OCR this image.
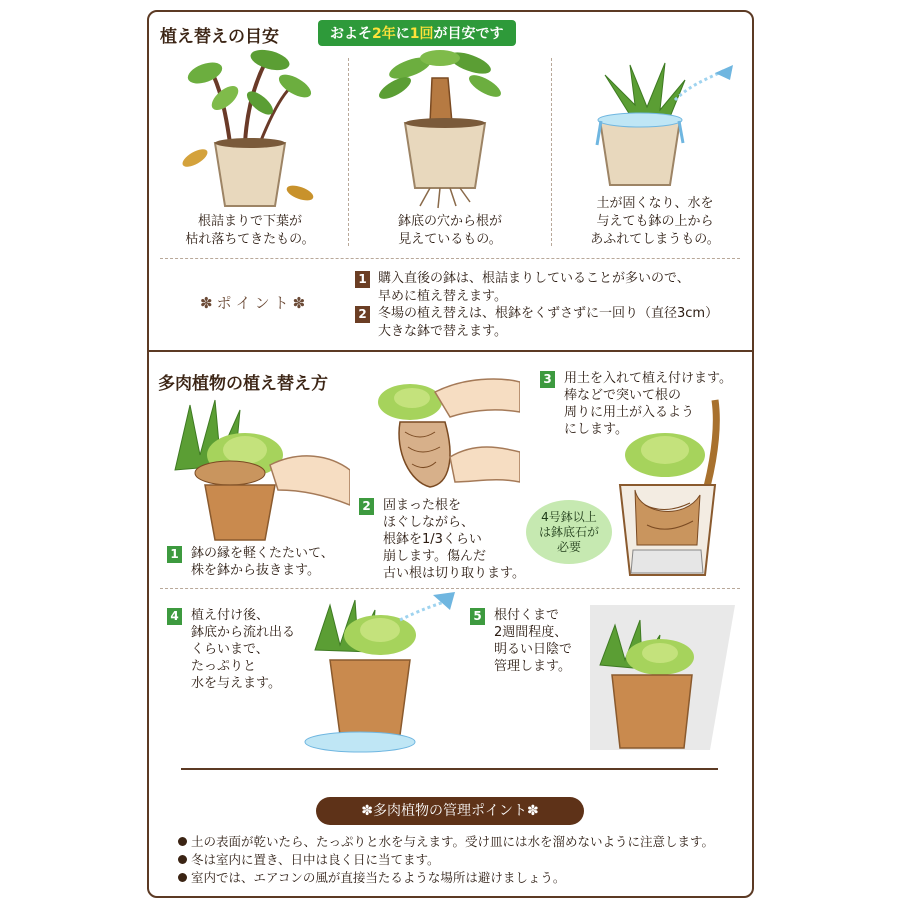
植え替えの目安	およそ2年に1回が目安です
根詰まりで下葉が
枯れ落ちてきたもの。
鉢底の穴から根が
見えているもの。
土が固くなり、水を
与えても鉢の上から
あふれてしまうもの。
✽ポイント✽
1 購入直後の鉢は、根詰まりしていることが多いので、
早めに植え替えます。
2 冬場の植え替えは、根鉢をくずさずに一回り（直径3cm）
大きな鉢で替えます。
多肉植物の植え替え方
1 鉢の縁を軽くたたいて、
株を鉢から抜きます。
2 固まった根を
ほぐしながら、
根鉢を1/3くらい
崩します。傷んだ
古い根は切り取ります。
3 用土を入れて植え付けます。
棒などで突いて根の
周りに用土が入るよう
にします。
4号鉢以上
は鉢底石が
必要
4 植え付け後、
鉢底から流れ出る
くらいまで、
たっぷりと
水を与えます。
5 根付くまで
2週間程度、
明るい日陰で
管理します。
✽多肉植物の管理ポイント✽
土の表面が乾いたら、たっぷりと水を与えます。受け皿には水を溜めないように注意します。
冬は室内に置き、日中は良く日に当てます。
室内では、エアコンの風が直接当たるような場所は避けましょう。
